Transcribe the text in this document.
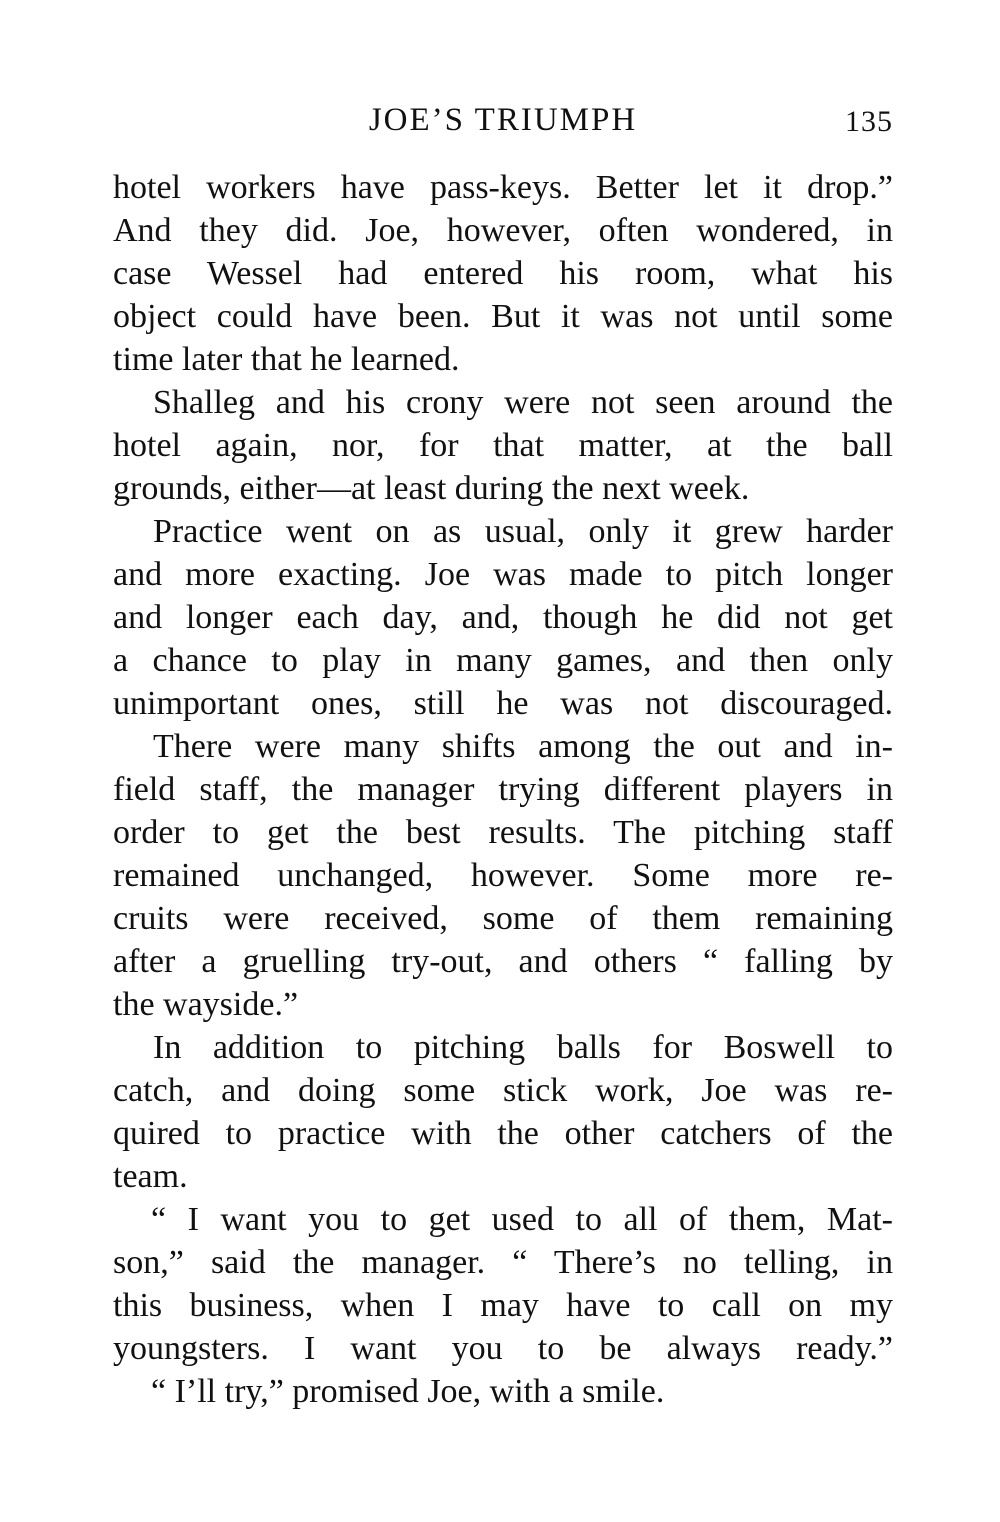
JOE’S TRIUMPH	135
hotel workers have pass-keys. Better let it drop.”
And they did. Joe, however, often wondered, in
case Wessel had entered his room, what his
object could have been. But it was not until some
time later that he learned.
Shalleg and his crony were not seen around the
hotel again, nor, for that matter, at the ball
grounds, either—at least during the next week.
Practice went on as usual, only it grew harder
and more exacting. Joe was made to pitch longer
and longer each day, and, though he did not get
a chance to play in many games, and then only
unimportant ones, still he was not discouraged.
There were many shifts among the out and in-
field staff, the manager trying different players in
order to get the best results. The pitching staff
remained unchanged, however. Some more re-
cruits were received, some of them remaining
after a gruelling try-out, and others “ falling by
the wayside.”
In addition to pitching balls for Boswell to
catch, and doing some stick work, Joe was re-
quired to practice with the other catchers of the
team.
“ I want you to get used to all of them, Mat-
son,” said the manager. “ There’s no telling, in
this business, when I may have to call on my
youngsters. I want you to be always ready.”
“ I’ll try,” promised Joe, with a smile.
